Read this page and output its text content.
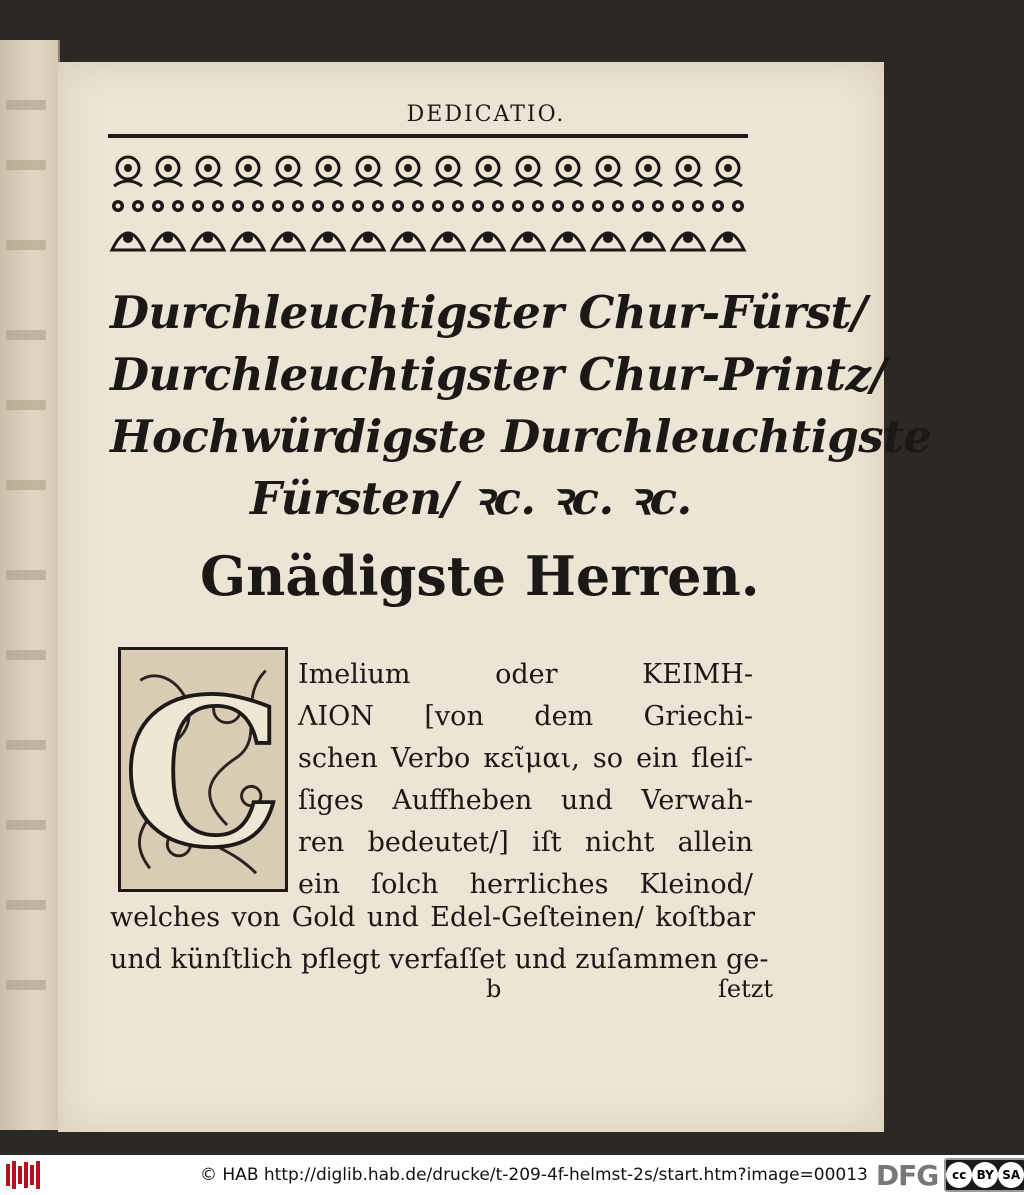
DEDICATIO.
Durchleuchtigster Chur-Fürst/
Durchleuchtigster Chur-Printz/
Hochwürdigste Durchleuchtigste
Fürsten/ ꝛc. ꝛc. ꝛc.
Gnädigste Herren.
C Imelium oder KEIMH-
ΛΙΟΝ [von dem Griechi-
schen Verbo κεῖμαι, so ein fleiſ-
ſiges Auffheben und Verwah-
ren bedeutet/] iſt nicht allein
ein ſolch herrliches Kleinod/
welches von Gold und Edel-Geſteinen/ koſtbar
und künſtlich pflegt verfaſſet und zuſammen ge-
b	ſetzt
© HAB http://diglib.hab.de/drucke/t-209-4f-helmst-2s/start.htm?image=00013 DFG	cc BY SA
